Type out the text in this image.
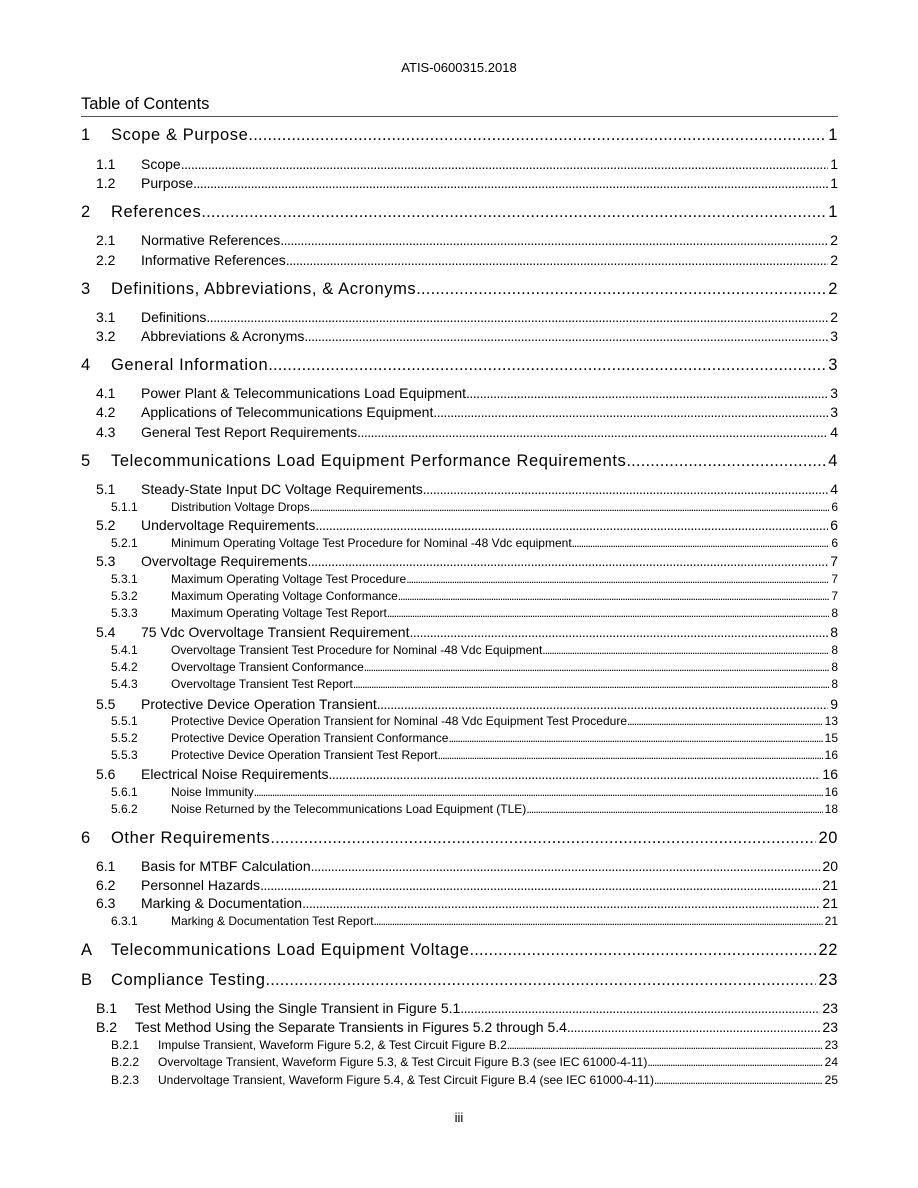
ATIS-0600315.2018
Table of Contents
1	Scope & Purpose . . .	1
1.1	Scope . . .	1
1.2	Purpose . . .	1
2	References . . .	1
2.1	Normative References . . .	2
2.2	Informative References . . .	2
3	Definitions, Abbreviations, & Acronyms . . .	2
3.1	Definitions . . .	2
3.2	Abbreviations & Acronyms . . .	3
4	General Information . . .	3
4.1	Power Plant & Telecommunications Load Equipment . . .	3
4.2	Applications of Telecommunications Equipment . . .	3
4.3	General Test Report Requirements . . .	4
5	Telecommunications Load Equipment Performance Requirements . . .	4
5.1	Steady-State Input DC Voltage Requirements . . .	4
5.1.1	Distribution Voltage Drops . . .	6
5.2	Undervoltage Requirements . . .	6
5.2.1	Minimum Operating Voltage Test Procedure for Nominal -48 Vdc equipment . . .	6
5.3	Overvoltage Requirements . . .	7
5.3.1	Maximum Operating Voltage Test Procedure . . .	7
5.3.2	Maximum Operating Voltage Conformance . . .	7
5.3.3	Maximum Operating Voltage Test Report . . .	8
5.4	75 Vdc Overvoltage Transient Requirement . . .	8
5.4.1	Overvoltage Transient Test Procedure for Nominal -48 Vdc Equipment . . .	8
5.4.2	Overvoltage Transient Conformance . . .	8
5.4.3	Overvoltage Transient Test Report . . .	8
5.5	Protective Device Operation Transient . . .	9
5.5.1	Protective Device Operation Transient for Nominal -48 Vdc Equipment Test Procedure . . .	13
5.5.2	Protective Device Operation Transient Conformance . . .	15
5.5.3	Protective Device Operation Transient Test Report . . .	16
5.6	Electrical Noise Requirements . . .	16
5.6.1	Noise Immunity . . .	16
5.6.2	Noise Returned by the Telecommunications Load Equipment (TLE) . . .	18
6	Other Requirements . . .	20
6.1	Basis for MTBF Calculation . . .	20
6.2	Personnel Hazards . . .	21
6.3	Marking & Documentation . . .	21
6.3.1	Marking & Documentation Test Report . . .	21
A	Telecommunications Load Equipment Voltage . . .	22
B	Compliance Testing . . .	23
B.1	Test Method Using the Single Transient in Figure 5.1 . . .	23
B.2	Test Method Using the Separate Transients in Figures 5.2 through 5.4 . . .	23
B.2.1	Impulse Transient, Waveform Figure 5.2, & Test Circuit Figure B.2 . . .	23
B.2.2	Overvoltage Transient, Waveform Figure 5.3, & Test Circuit Figure B.3 (see IEC 61000-4-11) . . .	24
B.2.3	Undervoltage Transient, Waveform Figure 5.4, & Test Circuit Figure B.4 (see IEC 61000-4-11) . . .	25
iii
